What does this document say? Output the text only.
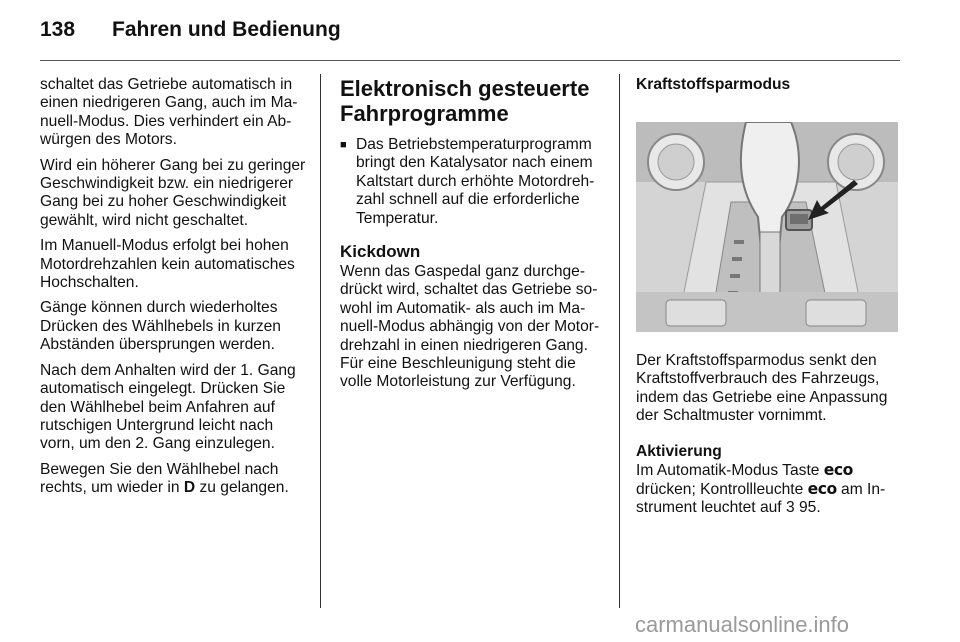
138 Fahren und Bedienung

schaltet das Getriebe automatisch in einen niedrigeren Gang, auch im Manuell-Modus. Dies verhindert ein Abwürgen des Motors.

Wird ein höherer Gang bei zu geringer Geschwindigkeit bzw. ein niedrigerer Gang bei zu hoher Geschwindigkeit gewählt, wird nicht geschaltet.

Im Manuell-Modus erfolgt bei hohen Motordrehzahlen kein automatisches Hochschalten.

Gänge können durch wiederholtes Drücken des Wählhebels in kurzen Abständen übersprungen werden.

Nach dem Anhalten wird der 1. Gang automatisch eingelegt. Drücken Sie den Wählhebel beim Anfahren auf rutschigen Untergrund leicht nach vorn, um den 2. Gang einzulegen.

Bewegen Sie den Wählhebel nach rechts, um wieder in D zu gelangen.

Elektronisch gesteuerte Fahrprogramme
■ Das Betriebstemperaturprogramm bringt den Katalysator nach einem Kaltstart durch erhöhte Motordrehzahl schnell auf die erforderliche Temperatur.
Kickdown

Wenn das Gaspedal ganz durchgedrückt wird, schaltet das Getriebe sowohl im Automatik- als auch im Manuell-Modus abhängig von der Motordrehzahl in einen niedrigeren Gang. Für eine Beschleunigung steht die volle Motorleistung zur Verfügung.

Kraftstoffsparmodus

Der Kraftstoffsparmodus senkt den Kraftstoffverbrauch des Fahrzeugs, indem das Getriebe eine Anpassung der Schaltmuster vornimmt.

Aktivierung

Im Automatik-Modus Taste eco drücken; Kontrollleuchte eco am Instrument leuchtet auf 3 95.

carmanualsonline.info
